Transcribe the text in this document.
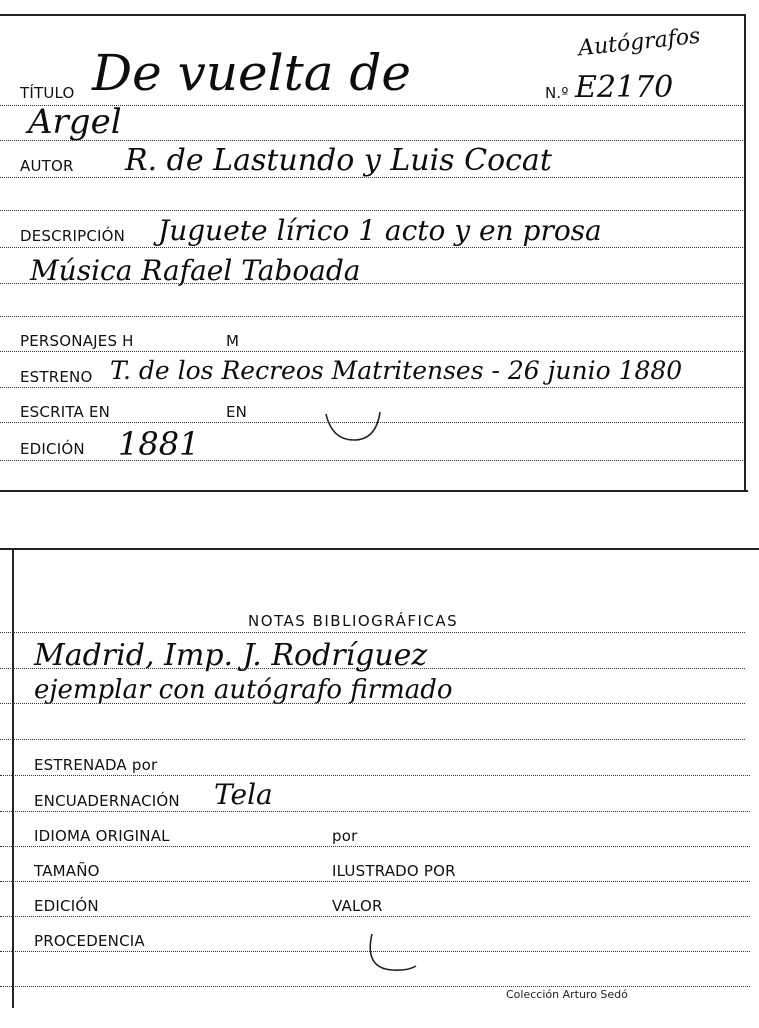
Autógrafos
TÍTULO De vuelta de	N.º E2170
Argel
AUTOR R. de Lastundo y Luis Cocat
DESCRIPCIÓN Juguete lírico 1 acto y en prosa
Música Rafael Taboada
PERSONAJES H	M
ESTRENO T. de los Recreos Matritenses - 26 junio 1880
ESCRITA EN	EN
EDICIÓN 1881
NOTAS BIBLIOGRÁFICAS
Madrid, Imp. J. Rodríguez
ejemplar con autógrafo firmado
ESTRENADA por
ENCUADERNACIÓN Tela
IDIOMA ORIGINAL	por
TAMAÑO	ILUSTRADO POR
EDICIÓN	VALOR
PROCEDENCIA
Colección Arturo Sedó
